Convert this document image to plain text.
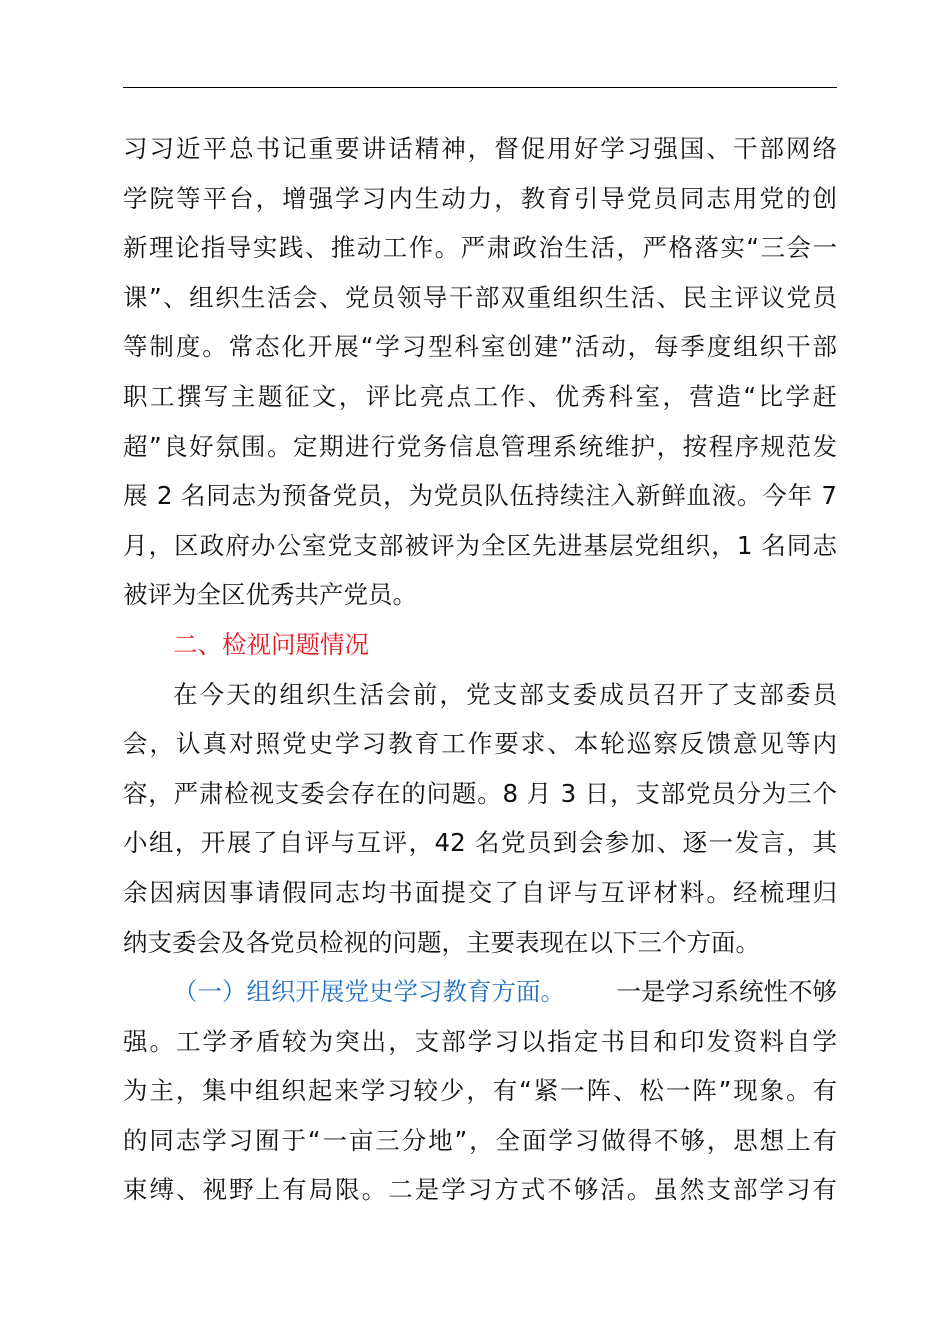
习习近平总书记重要讲话精神，督促用好学习强国、干部网络
学院等平台，增强学习内生动力，教育引导党员同志用党的创
新理论指导实践、推动工作。严肃政治生活，严格落实“三会一
课”、组织生活会、党员领导干部双重组织生活、民主评议党员
等制度。常态化开展“学习型科室创建”活动，每季度组织干部
职工撰写主题征文，评比亮点工作、优秀科室，营造“比学赶
超”良好氛围。定期进行党务信息管理系统维护，按程序规范发
展 2 名同志为预备党员，为党员队伍持续注入新鲜血液。今年 7
月，区政府办公室党支部被评为全区先进基层党组织，1 名同志
被评为全区优秀共产党员。
二、检视问题情况
在今天的组织生活会前，党支部支委成员召开了支部委员
会，认真对照党史学习教育工作要求、本轮巡察反馈意见等内
容，严肃检视支委会存在的问题。8 月 3 日，支部党员分为三个
小组，开展了自评与互评，42 名党员到会参加、逐一发言，其
余因病因事请假同志均书面提交了自评与互评材料。经梳理归
纳支委会及各党员检视的问题，主要表现在以下三个方面。
（一）组织开展党史学习教育方面。 一是学习系统性不够
强。工学矛盾较为突出，支部学习以指定书目和印发资料自学
为主，集中组织起来学习较少，有“紧一阵、松一阵”现象。有
的同志学习囿于“一亩三分地”，全面学习做得不够，思想上有
束缚、视野上有局限。二是学习方式不够活。虽然支部学习有
